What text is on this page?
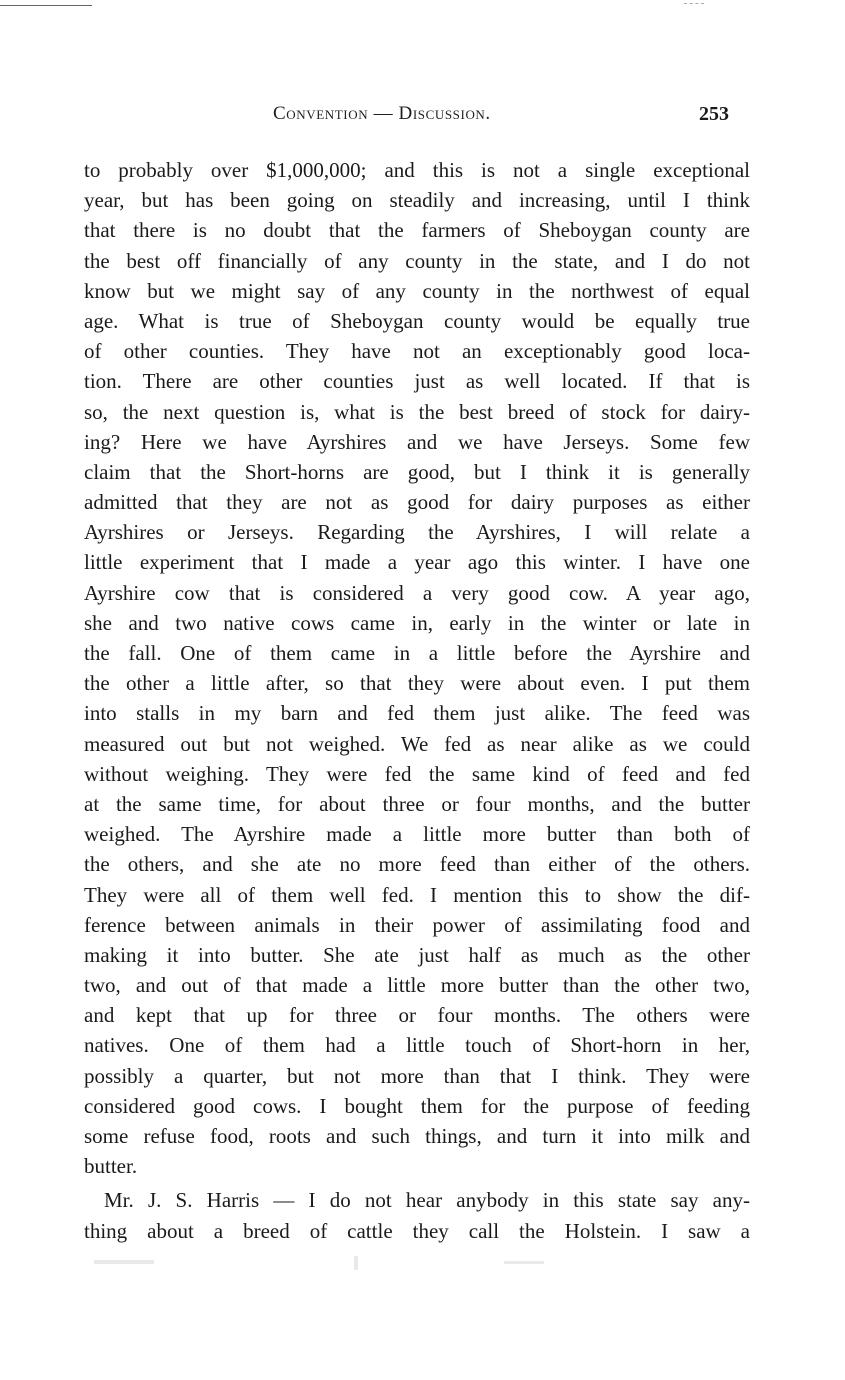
Convention — Discussion.	253
to probably over $1,000,000; and this is not a single exceptional
year, but has been going on steadily and increasing, until I think
that there is no doubt that the farmers of Sheboygan county are
the best off financially of any county in the state, and I do not
know but we might say of any county in the northwest of equal
age. What is true of Sheboygan county would be equally true
of other counties. They have not an exceptionably good loca-
tion. There are other counties just as well located. If that is
so, the next question is, what is the best breed of stock for dairy-
ing? Here we have Ayrshires and we have Jerseys. Some few
claim that the Short-horns are good, but I think it is generally
admitted that they are not as good for dairy purposes as either
Ayrshires or Jerseys. Regarding the Ayrshires, I will relate a
little experiment that I made a year ago this winter. I have one
Ayrshire cow that is considered a very good cow. A year ago,
she and two native cows came in, early in the winter or late in
the fall. One of them came in a little before the Ayrshire and
the other a little after, so that they were about even. I put them
into stalls in my barn and fed them just alike. The feed was
measured out but not weighed. We fed as near alike as we could
without weighing. They were fed the same kind of feed and fed
at the same time, for about three or four months, and the butter
weighed. The Ayrshire made a little more butter than both of
the others, and she ate no more feed than either of the others.
They were all of them well fed. I mention this to show the dif-
ference between animals in their power of assimilating food and
making it into butter. She ate just half as much as the other
two, and out of that made a little more butter than the other two,
and kept that up for three or four months. The others were
natives. One of them had a little touch of Short-horn in her,
possibly a quarter, but not more than that I think. They were
considered good cows. I bought them for the purpose of feeding
some refuse food, roots and such things, and turn it into milk and
butter.
Mr. J. S. Harris — I do not hear anybody in this state say any-
thing about a breed of cattle they call the Holstein. I saw a
